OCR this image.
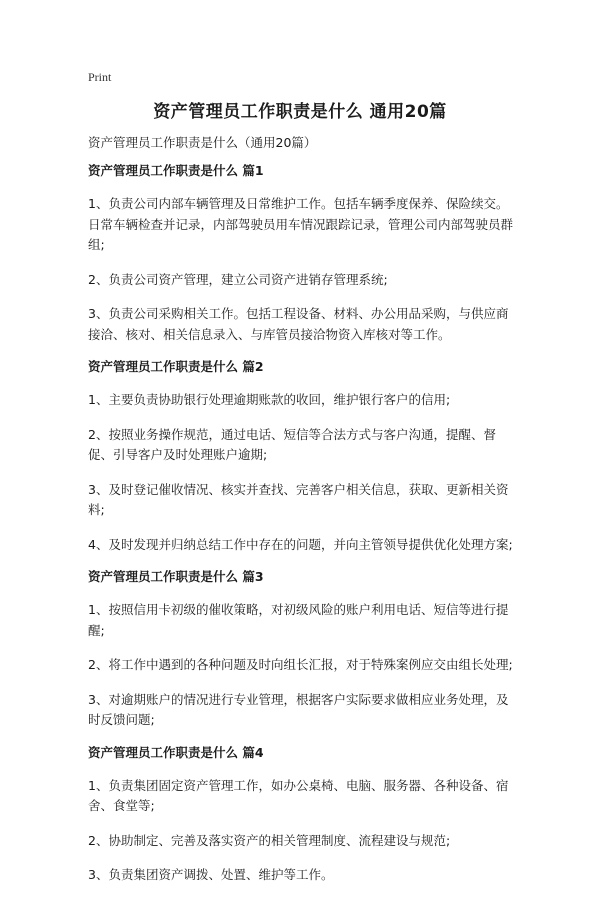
Print
资产管理员工作职责是什么 通用20篇
资产管理员工作职责是什么（通用20篇）
资产管理员工作职责是什么 篇1

1、负责公司内部车辆管理及日常维护工作。包括车辆季度保养、保险续交。日常车辆检查并记录，内部驾驶员用车情况跟踪记录，管理公司内部驾驶员群组;

2、负责公司资产管理，建立公司资产进销存管理系统;

3、负责公司采购相关工作。包括工程设备、材料、办公用品采购，与供应商接洽、核对、相关信息录入、与库管员接洽物资入库核对等工作。

资产管理员工作职责是什么 篇2

1、主要负责协助银行处理逾期账款的收回，维护银行客户的信用;

2、按照业务操作规范，通过电话、短信等合法方式与客户沟通，提醒、督促、引导客户及时处理账户逾期;

3、及时登记催收情况、核实并查找、完善客户相关信息，获取、更新相关资料;

4、及时发现并归纳总结工作中存在的问题，并向主管领导提供优化处理方案;

资产管理员工作职责是什么 篇3

1、按照信用卡初级的催收策略，对初级风险的账户利用电话、短信等进行提醒;

2、将工作中遇到的各种问题及时向组长汇报，对于特殊案例应交由组长处理;

3、对逾期账户的情况进行专业管理，根据客户实际要求做相应业务处理，及时反馈问题;

资产管理员工作职责是什么 篇4

1、负责集团固定资产管理工作，如办公桌椅、电脑、服务器、各种设备、宿舍、食堂等;

2、协助制定、完善及落实资产的相关管理制度、流程建设与规范;

3、负责集团资产调拨、处置、维护等工作。
